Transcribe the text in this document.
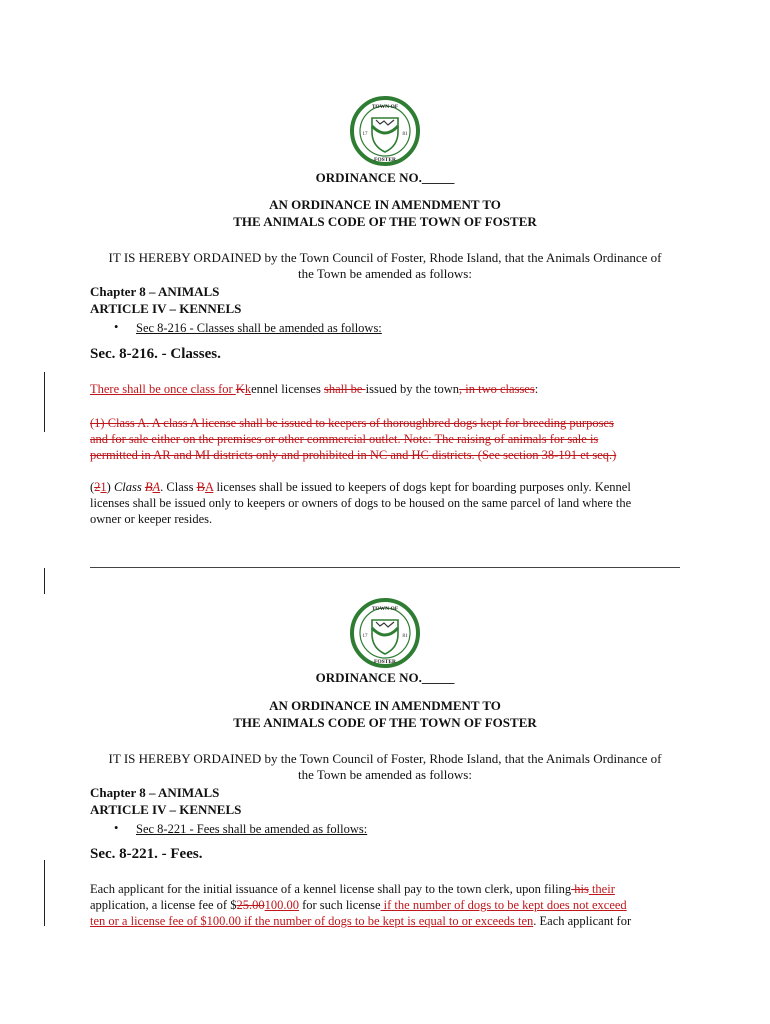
TOWN OF
FOSTER
17	81
ORDINANCE NO._____
AN ORDINANCE IN AMENDMENT TO
THE ANIMALS CODE OF THE TOWN OF FOSTER
IT IS HEREBY ORDAINED by the Town Council of Foster, Rhode Island, that the Animals Ordinance of
the Town be amended as follows:
Chapter 8 – ANIMALS
ARTICLE IV – KENNELS
• Sec 8-216 - Classes shall be amended as follows:
Sec. 8-216. - Classes.
There shall be once class for Kkennel licenses shall be issued by the town, in two classes:
(1) Class A. A class A license shall be issued to keepers of thoroughbred dogs kept for breeding purposes
and for sale either on the premises or other commercial outlet. Note: The raising of animals for sale is
permitted in AR and MI districts only and prohibited in NC and HC districts. (See section 38-191 et seq.)
(21) Class BA. Class BA licenses shall be issued to keepers of dogs kept for boarding purposes only. Kennel
licenses shall be issued only to keepers or owners of dogs to be housed on the same parcel of land where the
owner or keeper resides.
TOWN OF
FOSTER
17	81
ORDINANCE NO._____
AN ORDINANCE IN AMENDMENT TO
THE ANIMALS CODE OF THE TOWN OF FOSTER
IT IS HEREBY ORDAINED by the Town Council of Foster, Rhode Island, that the Animals Ordinance of
the Town be amended as follows:
Chapter 8 – ANIMALS
ARTICLE IV – KENNELS
• Sec 8-221 - Fees shall be amended as follows:
Sec. 8-221. - Fees.
Each applicant for the initial issuance of a kennel license shall pay to the town clerk, upon filing his their
application, a license fee of $25.00100.00 for such license if the number of dogs to be kept does not exceed
ten or a license fee of $100.00 if the number of dogs to be kept is equal to or exceeds ten. Each applicant for
